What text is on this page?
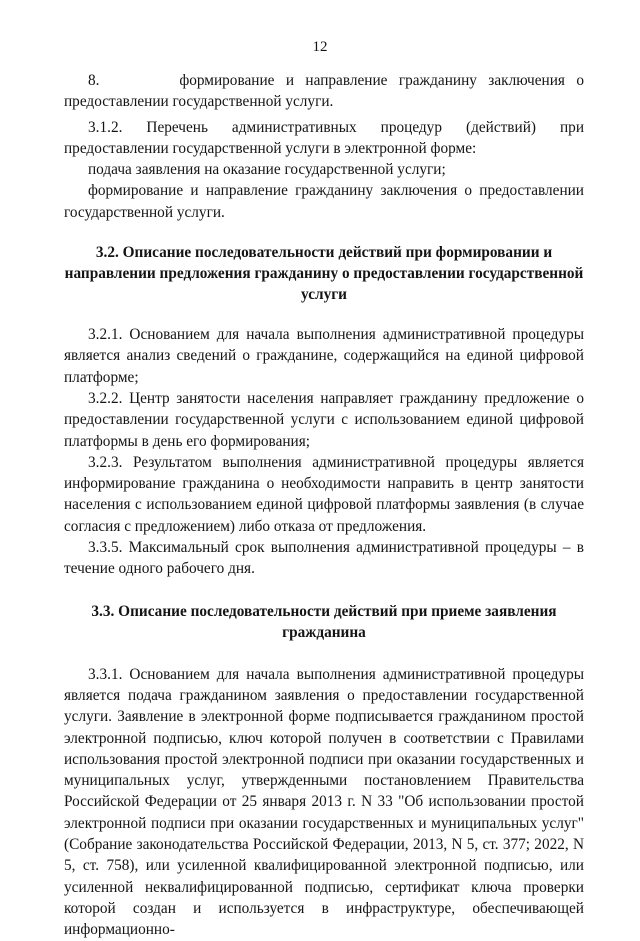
12

8.       формирование и направление гражданину заключения о предоставлении государственной услуги.

3.1.2. Перечень административных процедур (действий) при предоставлении государственной услуги в электронной форме:

подача заявления на оказание государственной услуги;

формирование и направление гражданину заключения о предоставлении государственной услуги.

3.2. Описание последовательности действий при формировании и направлении предложения гражданину о предоставлении государственной услуги

3.2.1. Основанием для начала выполнения административной процедуры является анализ сведений о гражданине, содержащийся на единой цифровой платформе;

3.2.2. Центр занятости населения направляет гражданину предложение о предоставлении государственной услуги с использованием единой цифровой платформы в день его формирования;

3.2.3. Результатом выполнения административной процедуры является информирование гражданина о необходимости направить в центр занятости населения с использованием единой цифровой платформы заявления (в случае согласия с предложением) либо отказа от предложения.

3.3.5. Максимальный срок выполнения административной процедуры – в течение одного рабочего дня.

3.3. Описание последовательности действий при приеме заявления гражданина

3.3.1. Основанием для начала выполнения административной процедуры является подача гражданином заявления о предоставлении государственной услуги. Заявление в электронной форме подписывается гражданином простой электронной подписью, ключ которой получен в соответствии с Правилами использования простой электронной подписи при оказании государственных и муниципальных услуг, утвержденными постановлением Правительства Российской Федерации от 25 января 2013 г. N 33 "Об использовании простой электронной подписи при оказании государственных и муниципальных услуг" (Собрание законодательства Российской Федерации, 2013, N 5, ст. 377; 2022, N 5, ст. 758), или усиленной квалифицированной электронной подписью, или усиленной неквалифицированной подписью, сертификат ключа проверки которой создан и используется в инфраструктуре, обеспечивающей информационно-
